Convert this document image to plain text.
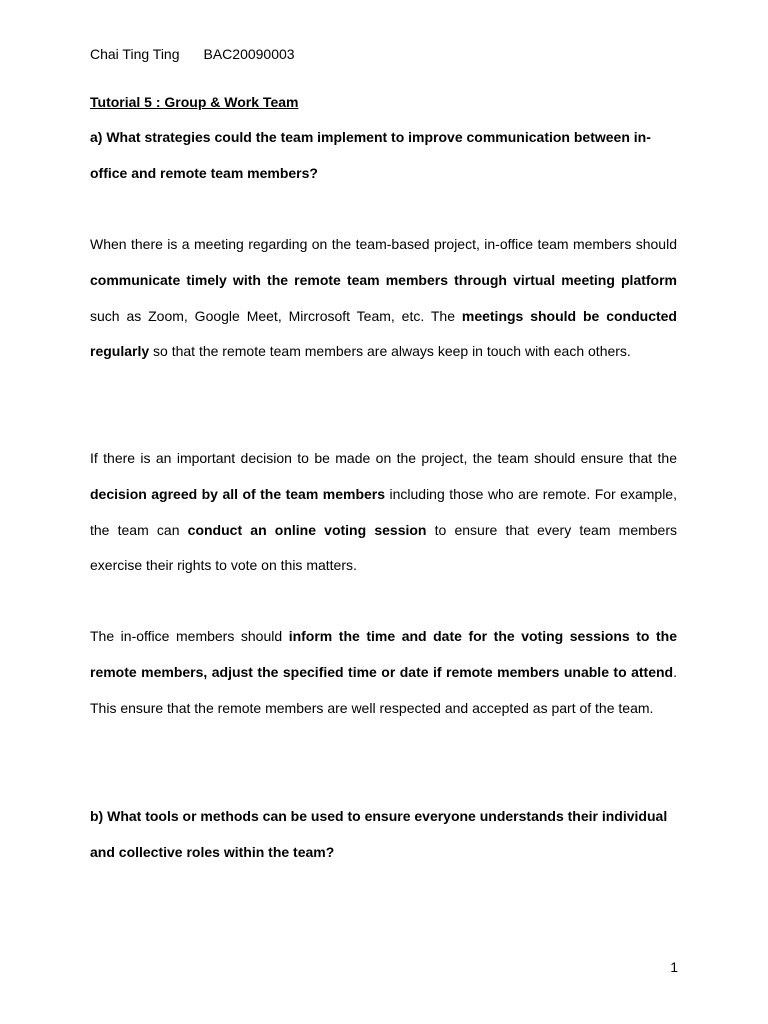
Chai Ting Ting BAC20090003
Tutorial 5 : Group & Work Team
a) What strategies could the team implement to improve communication between in-office and remote team members?

When there is a meeting regarding on the team-based project, in-office team members should communicate timely with the remote team members through virtual meeting platform such as Zoom, Google Meet, Mircrosoft Team, etc. The meetings should be conducted regularly so that the remote team members are always keep in touch with each others.

If there is an important decision to be made on the project, the team should ensure that the decision agreed by all of the team members including those who are remote. For example, the team can conduct an online voting session to ensure that every team members exercise their rights to vote on this matters.

The in-office members should inform the time and date for the voting sessions to the remote members, adjust the specified time or date if remote members unable to attend. This ensure that the remote members are well respected and accepted as part of the team.

b) What tools or methods can be used to ensure everyone understands their individual and collective roles within the team?
1
